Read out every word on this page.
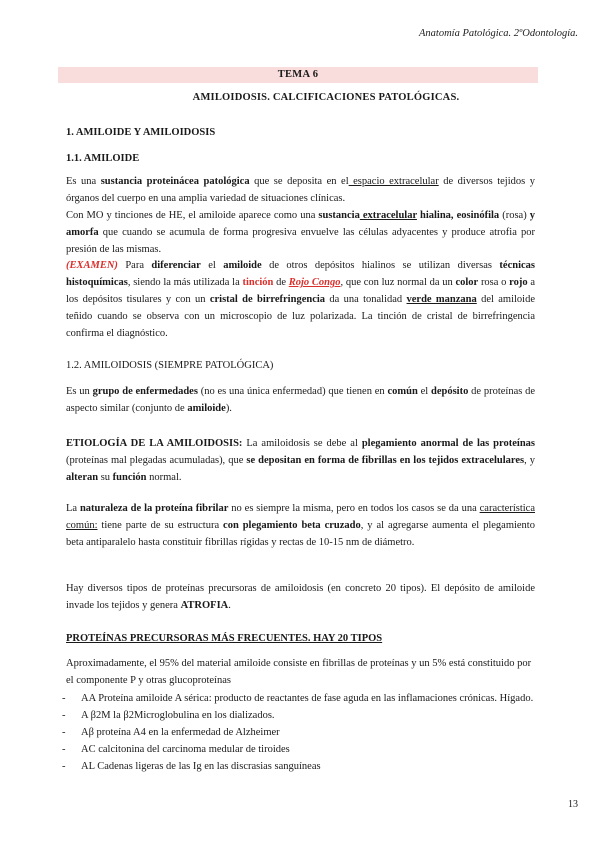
Anatomía Patológica. 2ºOdontología.
TEMA 6
AMILOIDOSIS. CALCIFICACIONES PATOLÓGICAS.
1. AMILOIDE Y AMILOIDOSIS
1.1. AMILOIDE
Es una sustancia proteinácea patológica que se deposita en el espacio extracelular de diversos tejidos y órganos del cuerpo en una amplia variedad de situaciones clínicas.
Con MO y tinciones de HE, el amiloide aparece como una sustancia extracelular hialina, eosinófila (rosa) y amorfa que cuando se acumula de forma progresiva envuelve las células adyacentes y produce atrofia por presión de las mismas.
(EXAMEN) Para diferenciar el amiloide de otros depósitos hialinos se utilizan diversas técnicas histoquímicas, siendo la más utilizada la tinción de Rojo Congo, que con luz normal da un color rosa o rojo a los depósitos tisulares y con un cristal de birrefringencia da una tonalidad verde manzana del amiloide teñido cuando se observa con un microscopio de luz polarizada. La tinción de cristal de birrefringencia confirma el diagnóstico.
1.2. AMILOIDOSIS (SIEMPRE PATOLÓGICA)
Es un grupo de enfermedades (no es una única enfermedad) que tienen en común el depósito de proteínas de aspecto similar (conjunto de amiloide).
ETIOLOGÍA DE LA AMILOIDOSIS: La amiloidosis se debe al plegamiento anormal de las proteínas (proteínas mal plegadas acumuladas), que se depositan en forma de fibrillas en los tejidos extracelulares, y alteran su función normal.
La naturaleza de la proteína fibrilar no es siempre la misma, pero en todos los casos se da una característica común: tiene parte de su estructura con plegamiento beta cruzado, y al agregarse aumenta el plegamiento beta antiparalelo hasta constituir fibrillas rígidas y rectas de 10-15 nm de diámetro.
Hay diversos tipos de proteínas precursoras de amiloidosis (en concreto 20 tipos). El depósito de amiloide invade los tejidos y genera ATROFIA.
PROTEÍNAS PRECURSORAS MÁS FRECUENTES. HAY 20 TIPOS
Aproximadamente, el 95% del material amiloide consiste en fibrillas de proteínas y un 5% está constituido por el componente P y otras glucoproteínas
- AA Proteína amiloide A sérica: producto de reactantes de fase aguda en las inflamaciones crónicas. Hígado.
- A β2M la β2Microglobulina en los dializados.
- Aβ proteína A4 en la enfermedad de Alzheimer
- AC calcitonina del carcinoma medular de tiroides
- AL Cadenas ligeras de las Ig en las discrasias sanguíneas
13
